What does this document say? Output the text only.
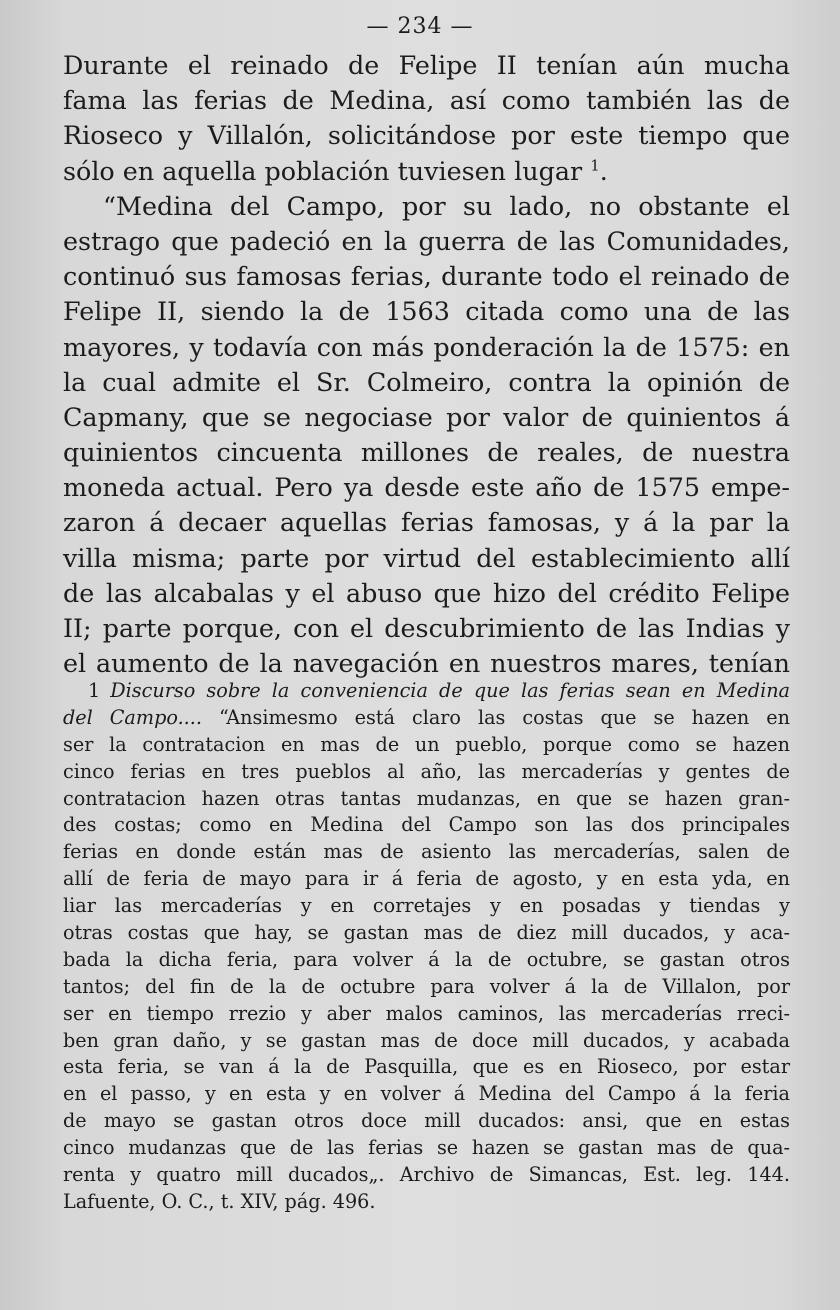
— 234 —
Durante el reinado de Felipe II tenían aún mucha
fama las ferias de Medina, así como también las de
Rioseco y Villalón, solicitándose por este tiempo que
sólo en aquella población tuviesen lugar $^1$.
“Medina del Campo, por su lado, no obstante el
estrago que padeció en la guerra de las Comunidades,
continuó sus famosas ferias, durante todo el reinado de
Felipe II, siendo la de 1563 citada como una de las
mayores, y todavía con más ponderación la de 1575: en
la cual admite el Sr. Colmeiro, contra la opinión de
Capmany, que se negociase por valor de quinientos á
quinientos cincuenta millones de reales, de nuestra
moneda actual. Pero ya desde este año de 1575 empe-
zaron á decaer aquellas ferias famosas, y á la par la
villa misma; parte por virtud del establecimiento allí
de las alcabalas y el abuso que hizo del crédito Felipe
II; parte porque, con el descubrimiento de las Indias y
el aumento de la navegación en nuestros mares, tenían
1 Discurso sobre la conveniencia de que las ferias sean en Medina
del Campo.... “Ansimesmo está claro las costas que se hazen en
ser la contratacion en mas de un pueblo, porque como se hazen
cinco ferias en tres pueblos al año, las mercaderías y gentes de
contratacion hazen otras tantas mudanzas, en que se hazen gran-
des costas; como en Medina del Campo son las dos principales
ferias en donde están mas de asiento las mercaderías, salen de
allí de feria de mayo para ir á feria de agosto, y en esta yda, en
liar las mercaderías y en corretajes y en posadas y tiendas y
otras costas que hay, se gastan mas de diez mill ducados, y aca-
bada la dicha feria, para volver á la de octubre, se gastan otros
tantos; del fin de la de octubre para volver á la de Villalon, por
ser en tiempo rrezio y aber malos caminos, las mercaderías rreci-
ben gran daño, y se gastan mas de doce mill ducados, y acabada
esta feria, se van á la de Pasquilla, que es en Rioseco, por estar
en el passo, y en esta y en volver á Medina del Campo á la feria
de mayo se gastan otros doce mill ducados: ansi, que en estas
cinco mudanzas que de las ferias se hazen se gastan mas de qua-
renta y quatro mill ducados„. Archivo de Simancas, Est. leg. 144.
Lafuente, O. C., t. XIV, pág. 496.
